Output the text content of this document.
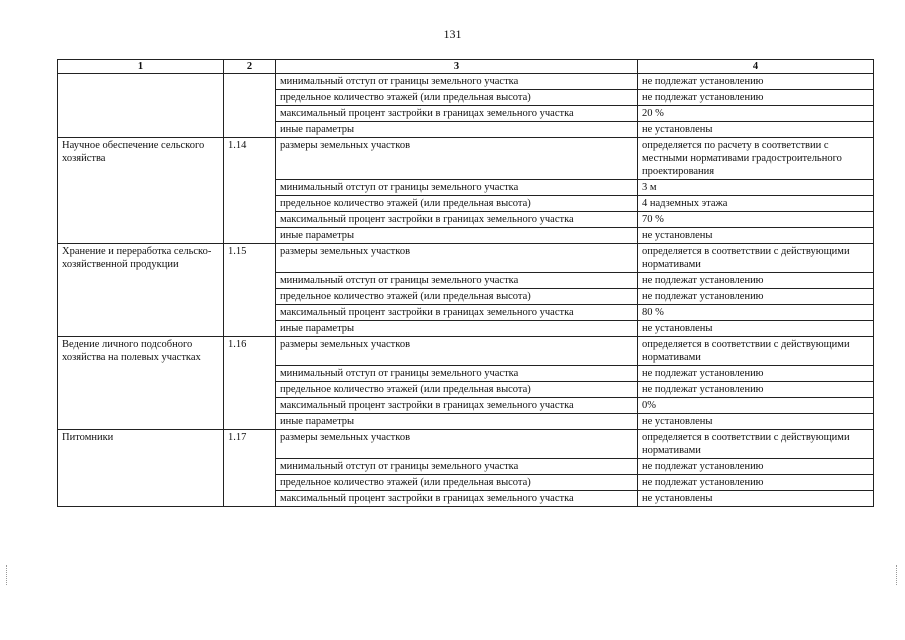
131
1	2	3	4
		минимальный отступ от границы земельного участка	не подлежат установлению
		предельное количество этажей (или предельная высота)	не подлежат установлению
		максимальный процент застройки в границах земельного участка	20 %
		иные параметры	не установлены
Научное обеспечение сельского хозяйства	1.14	размеры земельных участков	определяется по расчету в соответствии с местными нормативами градостроительного проектирования
		минимальный отступ от границы земельного участка	3 м
		предельное количество этажей (или предельная высота)	4 надземных этажа
		максимальный процент застройки в границах земельного участка	70 %
		иные параметры	не установлены
Хранение и переработка сельско-хозяйственной продукции	1.15	размеры земельных участков	определяется в соответствии с действующими нормативами
		минимальный отступ от границы земельного участка	не подлежат установлению
		предельное количество этажей (или предельная высота)	не подлежат установлению
		максимальный процент застройки в границах земельного участка	80 %
		иные параметры	не установлены
Ведение личного подсобного хозяйства на полевых участках	1.16	размеры земельных участков	определяется в соответствии с действующими нормативами
		минимальный отступ от границы земельного участка	не подлежат установлению
		предельное количество этажей (или предельная высота)	не подлежат установлению
		максимальный процент застройки в границах земельного участка	0%
		иные параметры	не установлены
Питомники	1.17	размеры земельных участков	определяется в соответствии с действующими нормативами
		минимальный отступ от границы земельного участка	не подлежат установлению
		предельное количество этажей (или предельная высота)	не подлежат установлению
		максимальный процент застройки в границах земельного участка	не установлены
